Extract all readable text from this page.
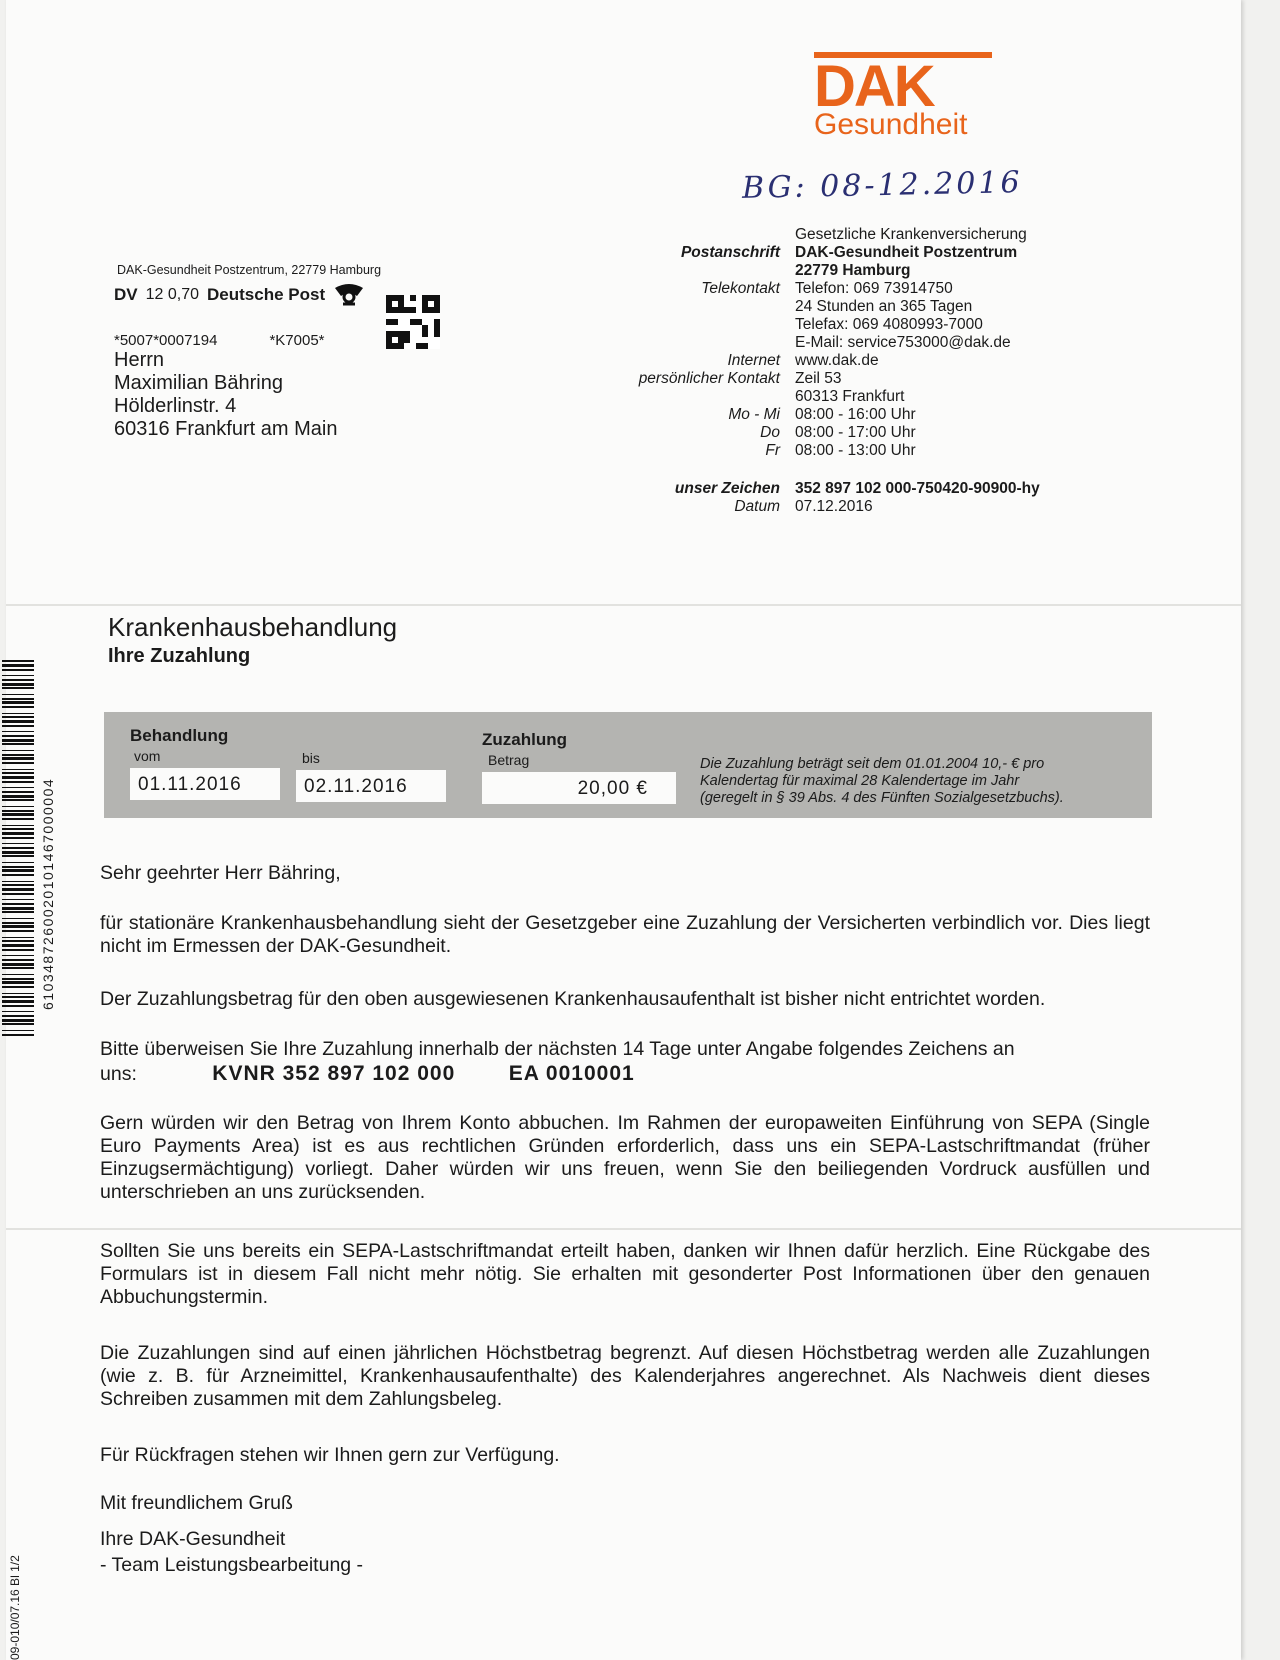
DAK
Gesundheit
BG: 08-12.2016
DAK-Gesundheit Postzentrum, 22779 Hamburg
DV 12 0,70 Deutsche Post
*5007*0007194	*K7005*
Herrn
Maximilian Bähring
Hölderlinstr. 4
60316 Frankfurt am Main
Gesetzliche Krankenversicherung
Postanschrift DAK-Gesundheit Postzentrum
22779 Hamburg
Telekontakt Telefon: 069 73914750
24 Stunden an 365 Tagen
Telefax: 069 4080993-7000
E-Mail: service753000@dak.de
Internet www.dak.de
persönlicher Kontakt Zeil 53
60313 Frankfurt
Mo - Mi 08:00 - 16:00 Uhr
Do 08:00 - 17:00 Uhr
Fr 08:00 - 13:00 Uhr
unser Zeichen 352 897 102 000-750420-90900-hy
Datum 07.12.2016
Krankenhausbehandlung
Ihre Zuzahlung
Behandlung
vom
01.11.2016
bis
02.11.2016
Zuzahlung
Betrag
20,00 €
Die Zuzahlung beträgt seit dem 01.01.2004 10,- € pro
Kalendertag für maximal 28 Kalendertage im Jahr
(geregelt in § 39 Abs. 4 des Fünften Sozialgesetzbuchs).
Sehr geehrter Herr Bähring,
für stationäre Krankenhausbehandlung sieht der Gesetzgeber eine Zuzahlung der Versicherten verbindlich vor. Dies liegt nicht im Ermessen der DAK-Gesundheit.
Der Zuzahlungsbetrag für den oben ausgewiesenen Krankenhausaufenthalt ist bisher nicht entrichtet worden.
Bitte überweisen Sie Ihre Zuzahlung innerhalb der nächsten 14 Tage unter Angabe folgendes Zeichens an
uns:	KVNR 352 897 102 000	EA 0010001
Gern würden wir den Betrag von Ihrem Konto abbuchen. Im Rahmen der europaweiten Einführung von SEPA (Single Euro Payments Area) ist es aus rechtlichen Gründen erforderlich, dass uns ein SEPA-Lastschriftmandat (früher Einzugsermächtigung) vorliegt. Daher würden wir uns freuen, wenn Sie den beiliegenden Vordruck ausfüllen und unterschrieben an uns zurücksenden.
Sollten Sie uns bereits ein SEPA-Lastschriftmandat erteilt haben, danken wir Ihnen dafür herzlich. Eine Rückgabe des Formulars ist in diesem Fall nicht mehr nötig. Sie erhalten mit gesonderter Post Informationen über den genauen Abbuchungstermin.
Die Zuzahlungen sind auf einen jährlichen Höchstbetrag begrenzt. Auf diesen Höchstbetrag werden alle Zuzahlungen (wie z. B. für Arzneimittel, Krankenhausaufenthalte) des Kalenderjahres angerechnet. Als Nachweis dient dieses Schreiben zusammen mit dem Zahlungsbeleg.
Für Rückfragen stehen wir Ihnen gern zur Verfügung.
Mit freundlichem Gruß
Ihre DAK-Gesundheit
- Team Leistungsbearbeitung -
6103487260020101467000004
09-010/07.16 Bl 1/2
